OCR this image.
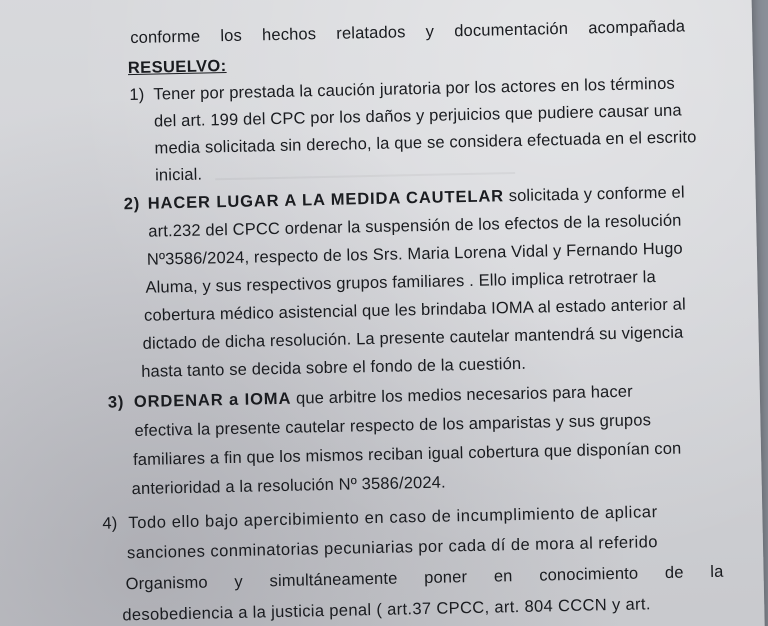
conforme los hechos relatados y documentación acompañada
RESUELVO:
1) Tener por prestada la caución juratoria por los actores en los términos
del art. 199 del CPC por los daños y perjuicios que pudiere causar una
media solicitada sin derecho, la que se considera efectuada en el escrito
inicial.
2) HACER LUGAR A LA MEDIDA CAUTELAR solicitada y conforme el
art.232 del CPCC ordenar la suspensión de los efectos de la resolución
Nº3586/2024, respecto de los Srs. Maria Lorena Vidal y Fernando Hugo
Aluma, y sus respectivos grupos familiares . Ello implica retrotraer la
cobertura médico asistencial que les brindaba IOMA al estado anterior al
dictado de dicha resolución. La presente cautelar mantendrá su vigencia
hasta tanto se decida sobre el fondo de la cuestión.
3) ORDENAR a IOMA que arbitre los medios necesarios para hacer
efectiva la presente cautelar respecto de los amparistas y sus grupos
familiares a fin que los mismos reciban igual cobertura que disponían con
anterioridad a la resolución Nº 3586/2024.
4) Todo ello bajo apercibimiento en caso de incumplimiento de aplicar
sanciones conminatorias pecuniarias por cada dí de mora al referido
Organismo y simultáneamente poner en conocimiento de la
desobediencia a la justicia penal ( art.37 CPCC, art. 804 CCCN y art.
